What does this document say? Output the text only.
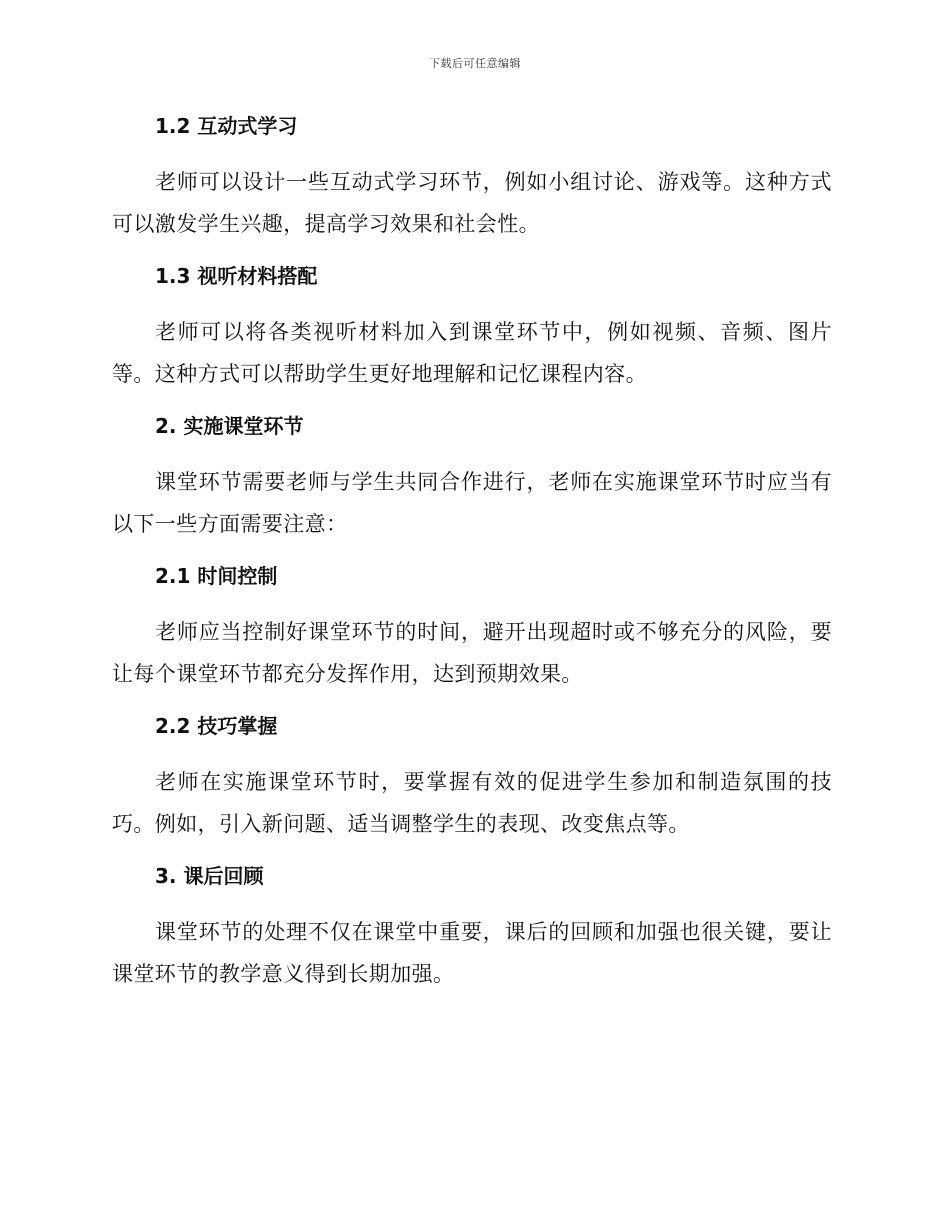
下载后可任意编辑
1.2 互动式学习

老师可以设计一些互动式学习环节，例如小组讨论、游戏等。这种方式可以激发学生兴趣，提高学习效果和社会性。

1.3 视听材料搭配

老师可以将各类视听材料加入到课堂环节中，例如视频、音频、图片等。这种方式可以帮助学生更好地理解和记忆课程内容。

2. 实施课堂环节

课堂环节需要老师与学生共同合作进行，老师在实施课堂环节时应当有以下一些方面需要注意：

2.1 时间控制

老师应当控制好课堂环节的时间，避开出现超时或不够充分的风险，要让每个课堂环节都充分发挥作用，达到预期效果。

2.2 技巧掌握

老师在实施课堂环节时，要掌握有效的促进学生参加和制造氛围的技巧。例如，引入新问题、适当调整学生的表现、改变焦点等。

3. 课后回顾

课堂环节的处理不仅在课堂中重要，课后的回顾和加强也很关键，要让课堂环节的教学意义得到长期加强。
